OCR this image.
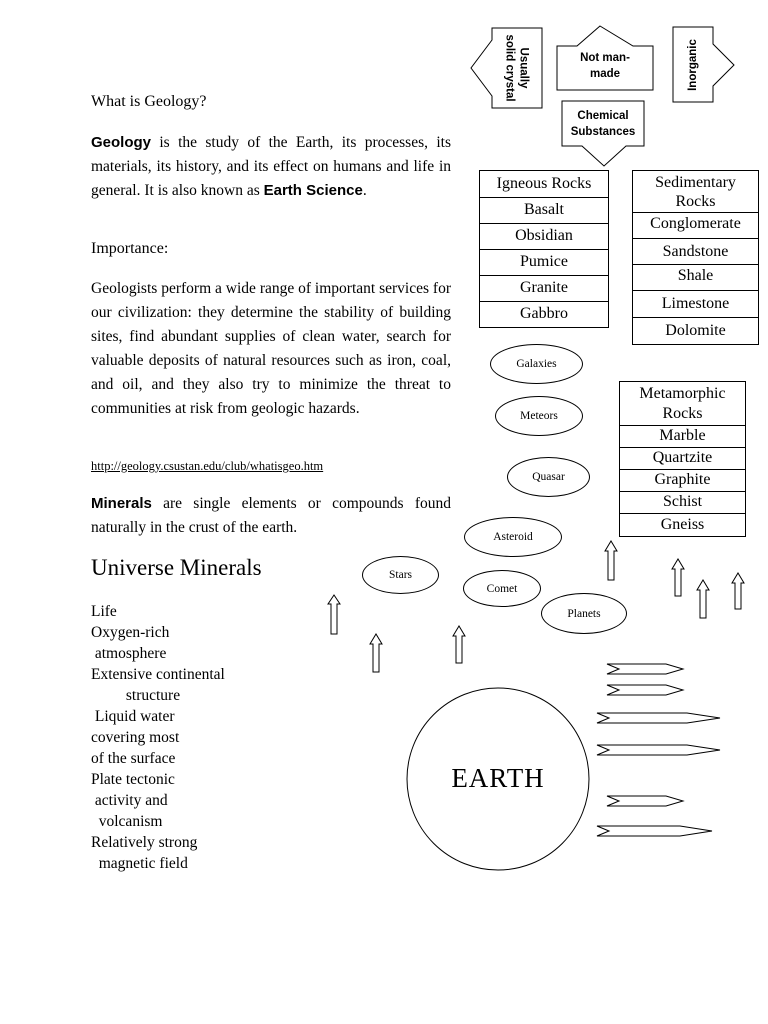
What is Geology?

Geology is the study of the Earth, its processes, its materials, its history, and its effect on humans and life in general. It is also known as Earth Science.

Importance:

Geologists perform a wide range of important services for our civilization: they determine the stability of building sites, find abundant supplies of clean water, search for valuable deposits of natural resources such as iron, coal, and oil, and they also try to minimize the threat to communities at risk from geologic hazards.

http://geology.csustan.edu/club/whatisgeo.htm

Minerals are single elements or compounds found naturally in the crust of the earth.

Universe Minerals
Life
Oxygen-rich
atmosphere
Extensive continental
structure
Liquid water
covering most
of the surface
Plate tectonic
activity and
volcanism
Relatively strong
magnetic field
Usually
solid crystal	Not man-
made	Inorganic
Chemical
Substances
Igneous Rocks
Basalt
Obsidian
Pumice
Granite
Gabbro
Sedimentary
Rocks
Conglomerate
Sandstone
Shale
Limestone
Dolomite
Metamorphic
Rocks
Marble
Quartzite
Graphite
Schist
Gneiss
Galaxies
Meteors
Quasar
Asteroid
Stars
Comet
Planets
EARTH
